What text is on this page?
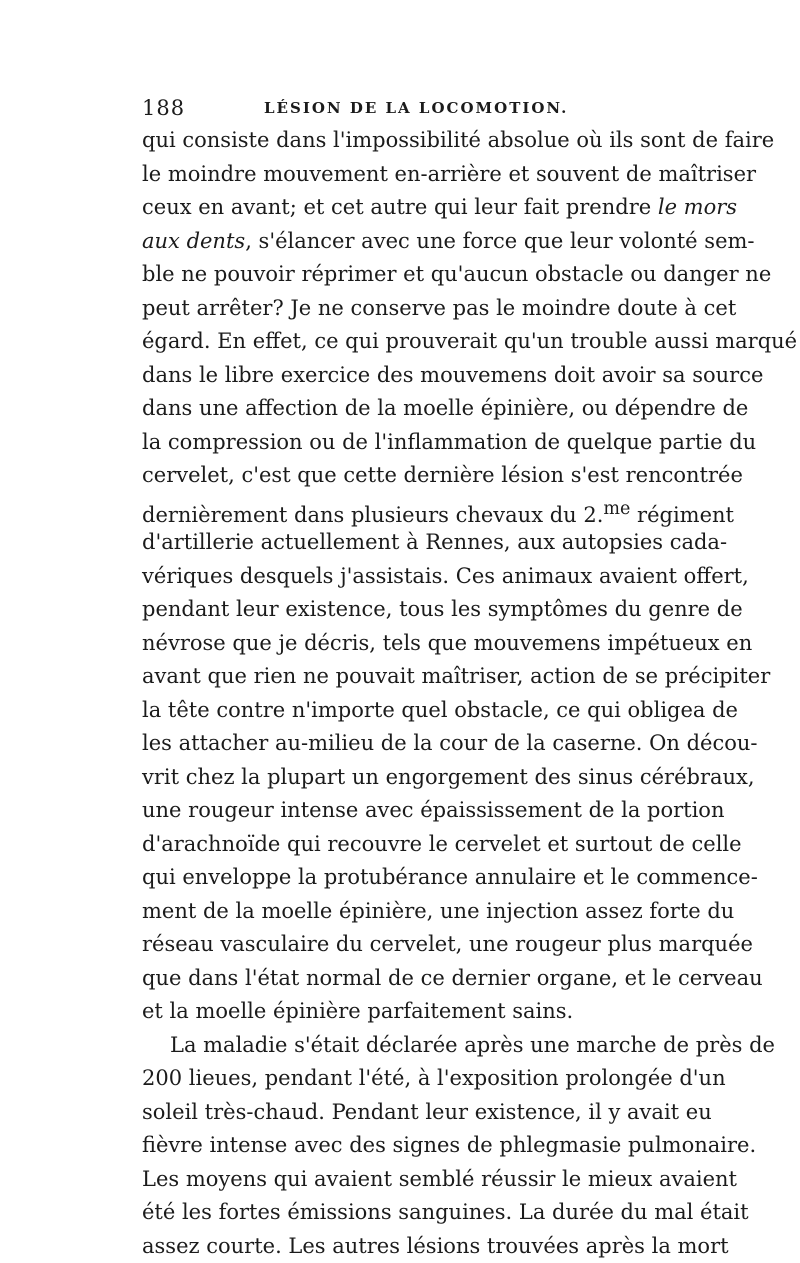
188	LÉSION DE LA LOCOMOTION.
qui consiste dans l'impossibilité absolue où ils sont de faire
le moindre mouvement en-arrière et souvent de maîtriser
ceux en avant; et cet autre qui leur fait prendre le mors
aux dents, s'élancer avec une force que leur volonté sem-
ble ne pouvoir réprimer et qu'aucun obstacle ou danger ne
peut arrêter? Je ne conserve pas le moindre doute à cet
égard. En effet, ce qui prouverait qu'un trouble aussi marqué
dans le libre exercice des mouvemens doit avoir sa source
dans une affection de la moelle épinière, ou dépendre de
la compression ou de l'inflammation de quelque partie du
cervelet, c'est que cette dernière lésion s'est rencontrée
dernièrement dans plusieurs chevaux du 2.$^{me}$ régiment
d'artillerie actuellement à Rennes, aux autopsies cada-
vériques desquels j'assistais. Ces animaux avaient offert,
pendant leur existence, tous les symptômes du genre de
névrose que je décris, tels que mouvemens impétueux en
avant que rien ne pouvait maîtriser, action de se précipiter
la tête contre n'importe quel obstacle, ce qui obligea de
les attacher au-milieu de la cour de la caserne. On décou-
vrit chez la plupart un engorgement des sinus cérébraux,
une rougeur intense avec épaississement de la portion
d'arachnoïde qui recouvre le cervelet et surtout de celle
qui enveloppe la protubérance annulaire et le commence-
ment de la moelle épinière, une injection assez forte du
réseau vasculaire du cervelet, une rougeur plus marquée
que dans l'état normal de ce dernier organe, et le cerveau
et la moelle épinière parfaitement sains.
La maladie s'était déclarée après une marche de près de
200 lieues, pendant l'été, à l'exposition prolongée d'un
soleil très-chaud. Pendant leur existence, il y avait eu
fièvre intense avec des signes de phlegmasie pulmonaire.
Les moyens qui avaient semblé réussir le mieux avaient
été les fortes émissions sanguines. La durée du mal était
assez courte. Les autres lésions trouvées après la mort
